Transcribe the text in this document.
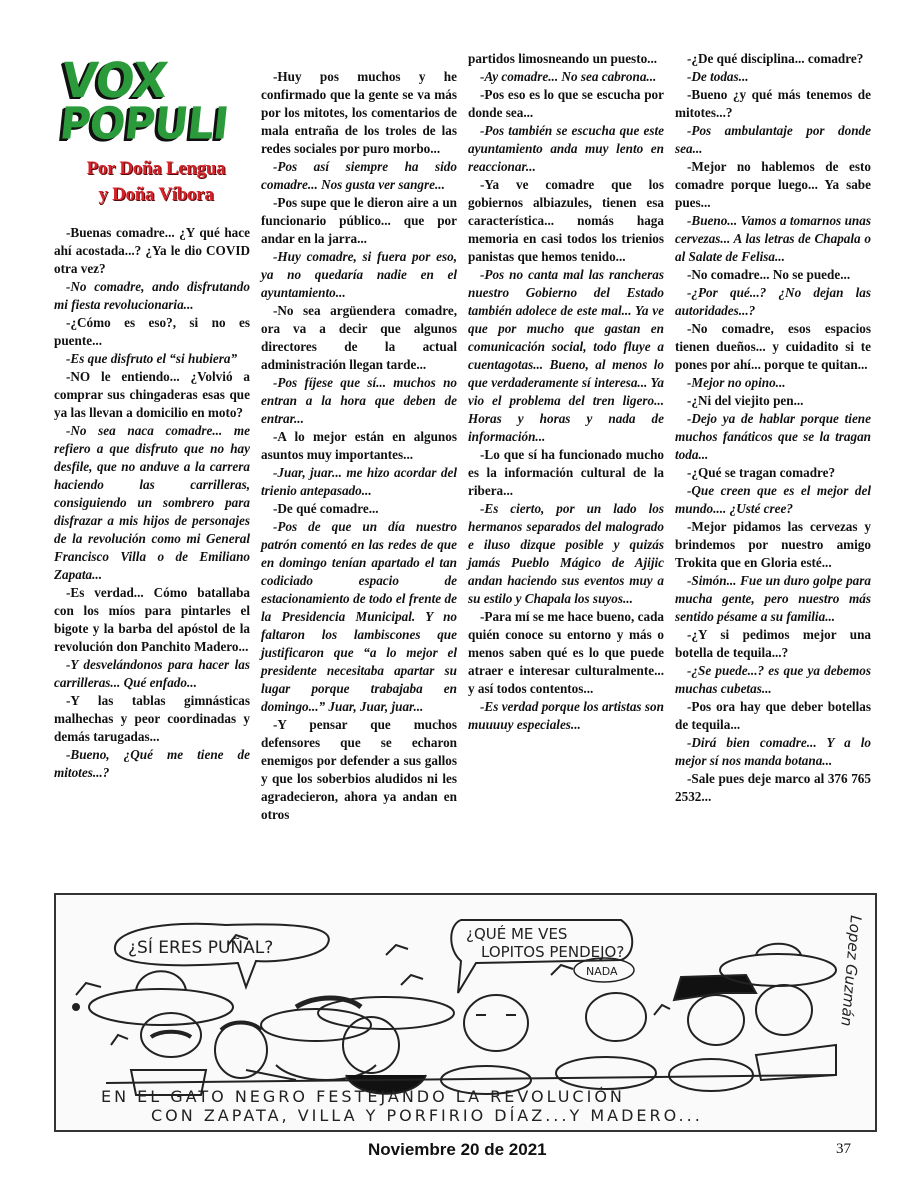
VOX
POPULI
Por Doña Lengua
y Doña Víbora

-Buenas comadre... ¿Y qué hace ahí acostada...? ¿Ya le dio COVID otra vez?

-No comadre, ando disfrutando mi fiesta revolucionaria...

-¿Cómo es eso?, si no es puente...

-Es que disfruto el “si hubiera”

-NO le entiendo... ¿Volvió a comprar sus chingaderas esas que ya las llevan a domicilio en moto?

-No sea naca comadre... me refiero a que disfruto que no hay desfile, que no anduve a la carrera haciendo las carrilleras, consiguiendo un sombrero para disfrazar a mis hijos de personajes de la revolución como mi General Francisco Villa o de Emiliano Zapata...

-Es verdad... Cómo batallaba con los míos para pintarles el bigote y la barba del apóstol de la revolución don Panchito Madero...

-Y desvelándonos para hacer las carrilleras... Qué enfado...

-Y las tablas gimnásticas malhechas y peor coordinadas y demás tarugadas...

-Bueno, ¿Qué me tiene de mitotes...?

-Huy pos muchos y he confirmado que la gente se va más por los mitotes, los comentarios de mala entraña de los troles de las redes sociales por puro morbo...

-Pos así siempre ha sido comadre... Nos gusta ver sangre...

-Pos supe que le dieron aire a un funcionario público... que por andar en la jarra...

-Huy comadre, si fuera por eso, ya no quedaría nadie en el ayuntamiento...

-No sea argüendera comadre, ora va a decir que algunos directores de la actual administración llegan tarde...

-Pos fíjese que sí... muchos no entran a la hora que deben de entrar...

-A lo mejor están en algunos asuntos muy importantes...

-Juar, juar... me hizo acordar del trienio antepasado...

-De qué comadre...

-Pos de que un día nuestro patrón comentó en las redes de que en domingo tenían apartado el tan codiciado espacio de estacionamiento de todo el frente de la Presidencia Municipal. Y no faltaron los lambiscones que justificaron que “a lo mejor el presidente necesitaba apartar su lugar porque trabajaba en domingo...” Juar, Juar, juar...

-Y pensar que muchos defensores que se echaron enemigos por defender a sus gallos y que los soberbios aludidos ni les agradecieron, ahora ya andan en otros

partidos limosneando un puesto...

-Ay comadre... No sea cabrona...

-Pos eso es lo que se escucha por donde sea...

-Pos también se escucha que este ayuntamiento anda muy lento en reaccionar...

-Ya ve comadre que los gobiernos albiazules, tienen esa característica... nomás haga memoria en casi todos los trienios panistas que hemos tenido...

-Pos no canta mal las rancheras nuestro Gobierno del Estado también adolece de este mal... Ya ve que por mucho que gastan en comunicación social, todo fluye a cuentagotas... Bueno, al menos lo que verdaderamente sí interesa... Ya vio el problema del tren ligero... Horas y horas y nada de información...

-Lo que sí ha funcionado mucho es la información cultural de la ribera...

-Es cierto, por un lado los hermanos separados del malogrado e iluso dizque posible y quizás jamás Pueblo Mágico de Ajijic andan haciendo sus eventos muy a su estilo y Chapala los suyos...

-Para mí se me hace bueno, cada quién conoce su entorno y más o menos saben qué es lo que puede atraer e interesar culturalmente... y así todos contentos...

-Es verdad porque los artistas son muuuuy especiales...

-¿De qué disciplina... comadre?

-De todas...

-Bueno ¿y qué más tenemos de mitotes...?

-Pos ambulantaje por donde sea...

-Mejor no hablemos de esto comadre porque luego... Ya sabe pues...

-Bueno... Vamos a tomarnos unas cervezas... A las letras de Chapala o al Salate de Felisa...

-No comadre... No se puede...

-¿Por qué...? ¿No dejan las autoridades...?

-No comadre, esos espacios tienen dueños... y cuidadito si te pones por ahí... porque te quitan...

-Mejor no opino...

-¿Ni del viejito pen...

-Dejo ya de hablar porque tiene muchos fanáticos que se la tragan toda...

-¿Qué se tragan comadre?

-Que creen que es el mejor del mundo.... ¿Usté cree?

-Mejor pidamos las cervezas y brindemos por nuestro amigo Trokita que en Gloria esté...

-Simón... Fue un duro golpe para mucha gente, pero nuestro más sentido pésame a su familia...

-¿Y si pedimos mejor una botella de tequila...?

-¿Se puede...? es que ya debemos muchas cubetas...

-Pos ora hay que deber botellas de tequila...

-Dirá bien comadre... Y a lo mejor sí nos manda botana...

-Sale pues deje marco al 376 765 2532...

¿SÍ ERES PUÑAL?
¿QUÉ ME VES
LOPITOS PENDEJO?
NADA	Lopez Guzmán
EN EL GATO NEGRO FESTEJANDO LA REVOLUCIÓN
CON ZAPATA, VILLA Y PORFIRIO DÍAZ...Y MADERO...
Noviembre 20 de 2021	37
